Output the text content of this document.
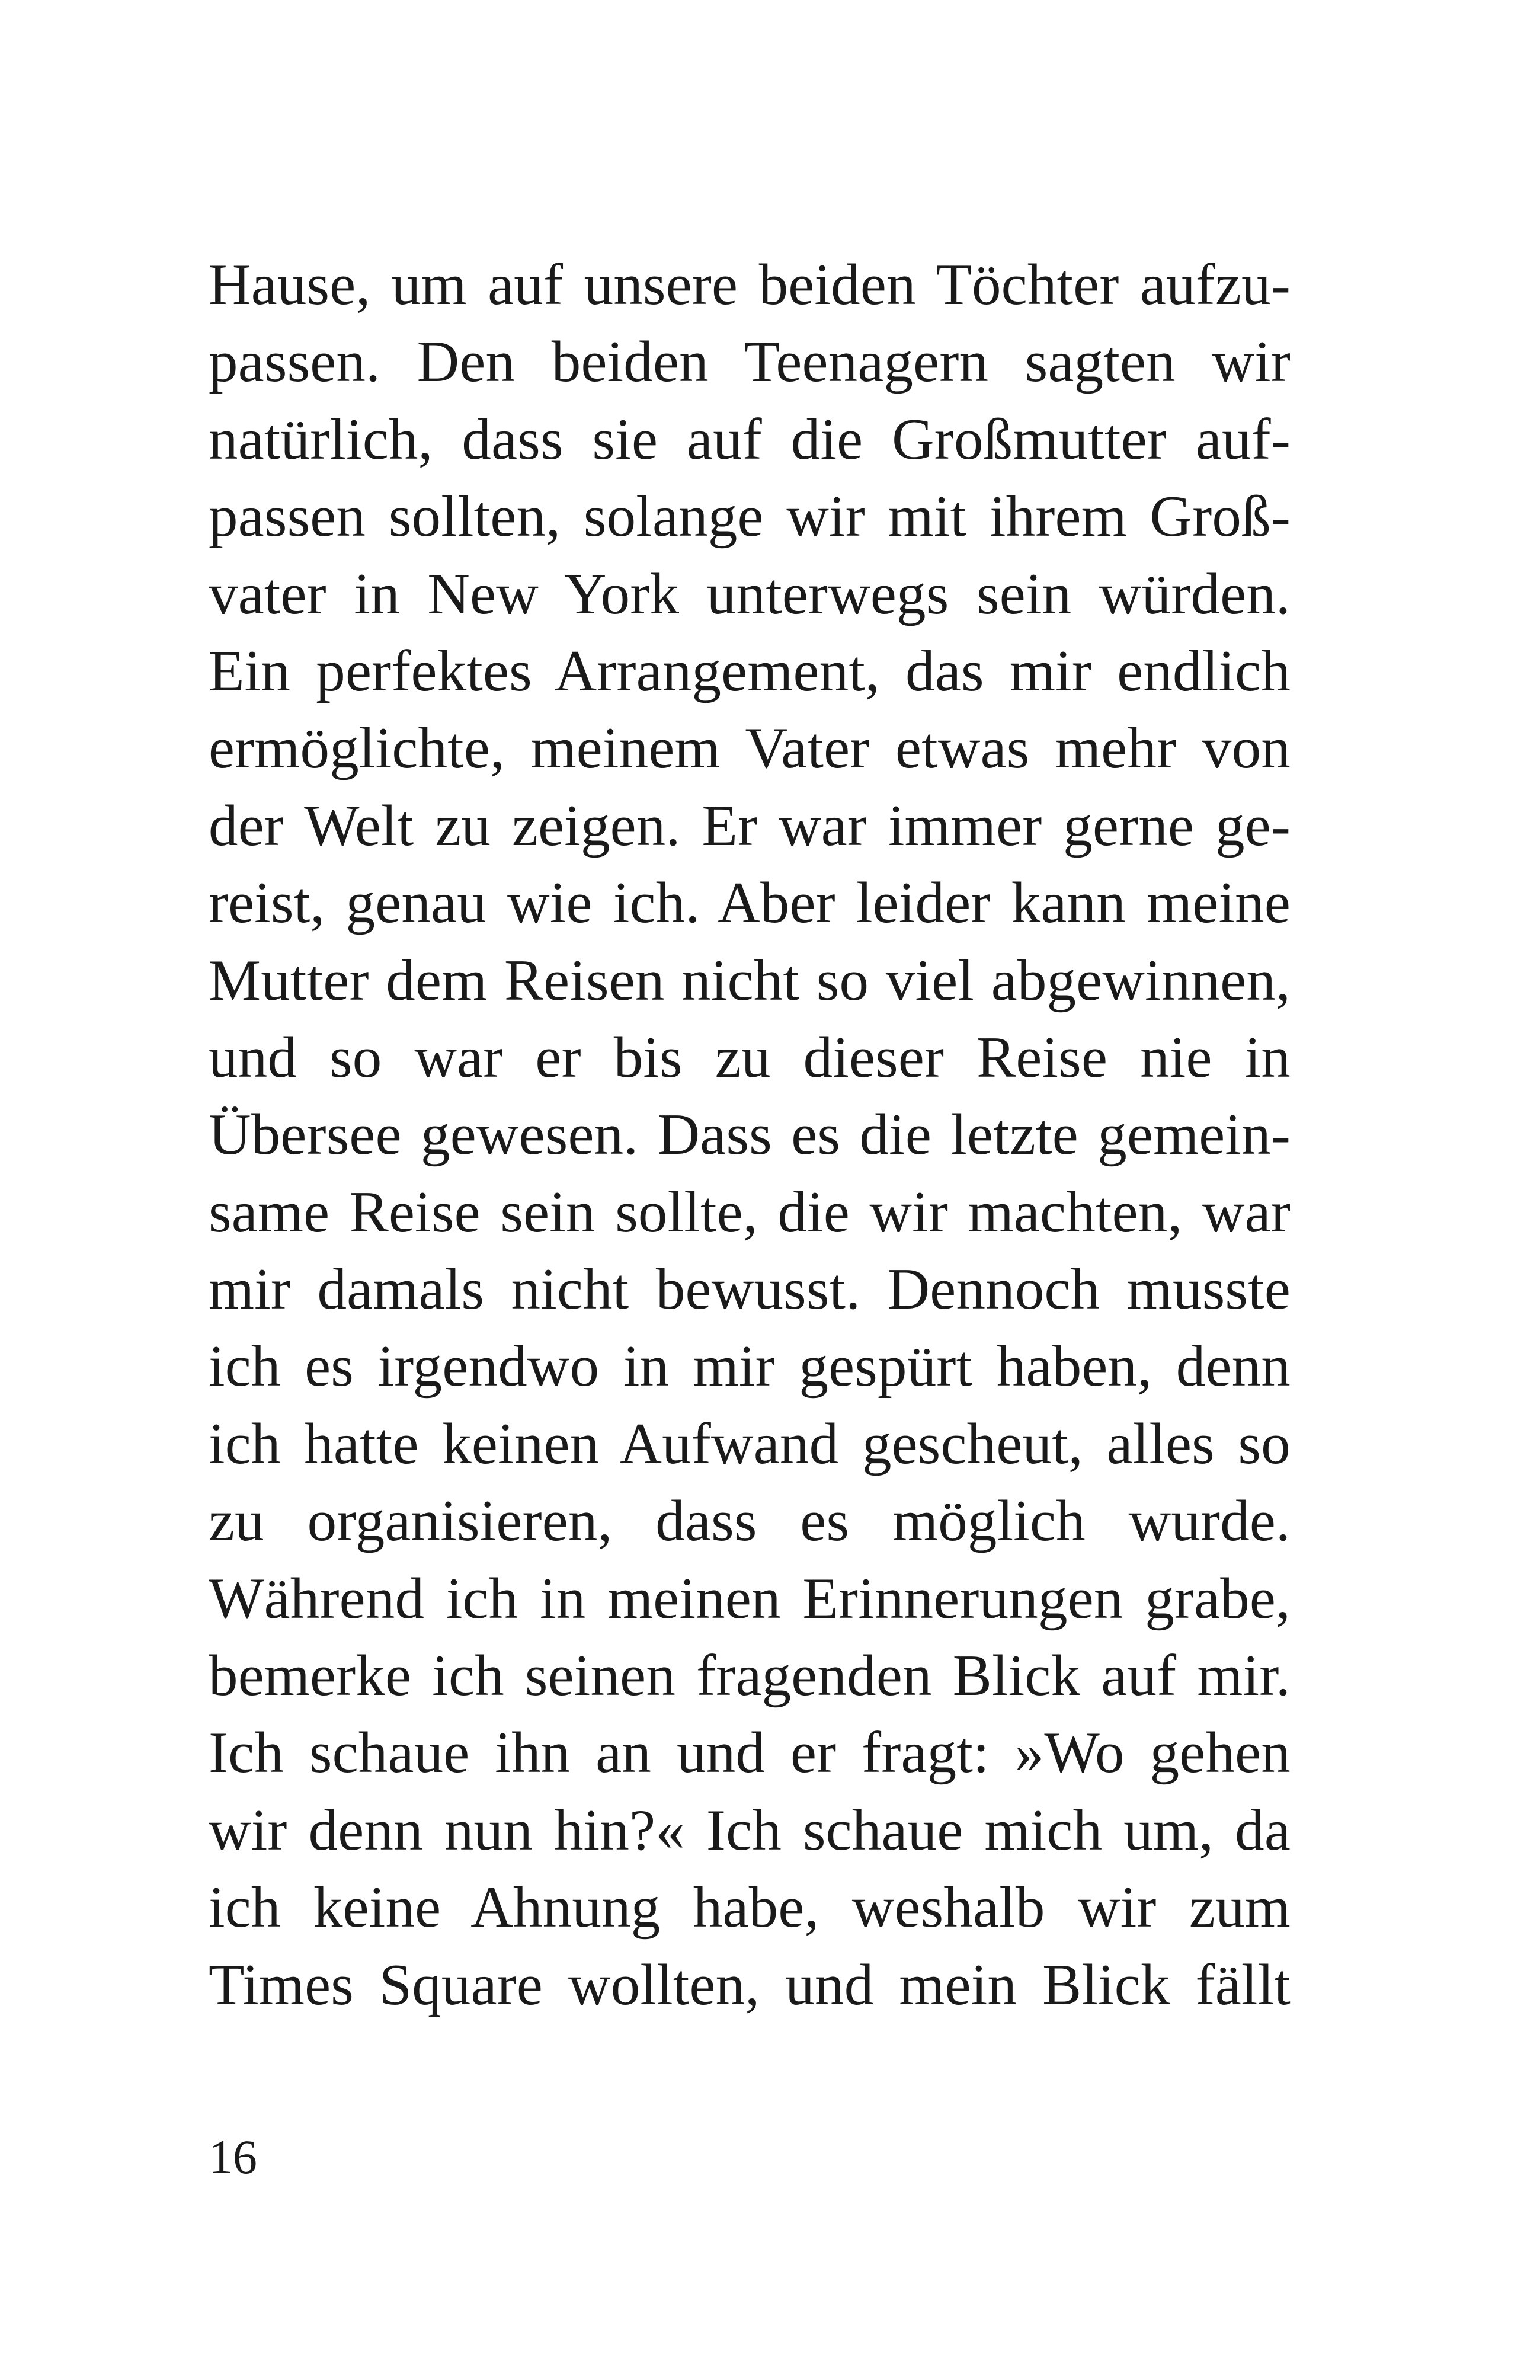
Hause, um auf unsere beiden Töchter aufzu-
passen. Den beiden Teenagern sagten wir
natürlich, dass sie auf die Großmutter auf-
passen sollten, solange wir mit ihrem Groß-
vater in New York unterwegs sein würden.
Ein perfektes Arrangement, das mir endlich
ermöglichte, meinem Vater etwas mehr von
der Welt zu zeigen. Er war immer gerne ge-
reist, genau wie ich. Aber leider kann meine
Mutter dem Reisen nicht so viel abgewinnen,
und so war er bis zu dieser Reise nie in
Übersee gewesen. Dass es die letzte gemein-
same Reise sein sollte, die wir machten, war
mir damals nicht bewusst. Dennoch musste
ich es irgendwo in mir gespürt haben, denn
ich hatte keinen Aufwand gescheut, alles so
zu organisieren, dass es möglich wurde.
Während ich in meinen Erinnerungen grabe,
bemerke ich seinen fragenden Blick auf mir.
Ich schaue ihn an und er fragt: »Wo gehen
wir denn nun hin?« Ich schaue mich um, da
ich keine Ahnung habe, weshalb wir zum
Times Square wollten, und mein Blick fällt
16
